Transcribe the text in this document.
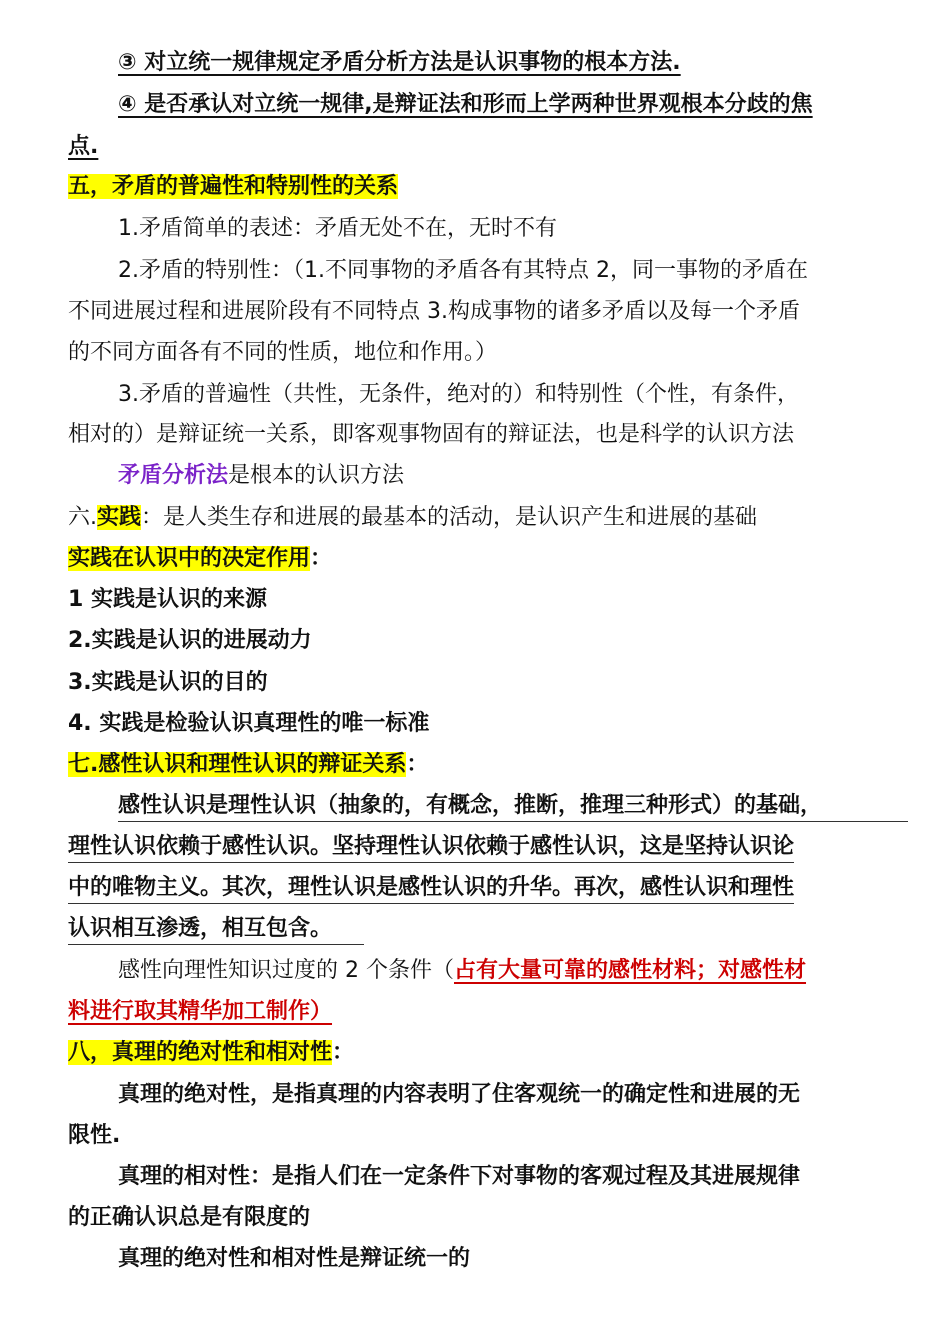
③ 对立统一规律规定矛盾分析方法是认识事物的根本方法.
④ 是否承认对立统一规律,是辩证法和形而上学两种世界观根本分歧的焦
点.
五，矛盾的普遍性和特别性的关系
1.矛盾简单的表述：矛盾无处不在，无时不有
2.矛盾的特别性：（1.不同事物的矛盾各有其特点 2，同一事物的矛盾在
不同进展过程和进展阶段有不同特点 3.构成事物的诸多矛盾以及每一个矛盾
的不同方面各有不同的性质，地位和作用。）
3.矛盾的普遍性（共性，无条件，绝对的）和特别性（个性，有条件，
相对的）是辩证统一关系，即客观事物固有的辩证法，也是科学的认识方法
矛盾分析法是根本的认识方法
六.实践：是人类生存和进展的最基本的活动，是认识产生和进展的基础
实践在认识中的决定作用：
1 实践是认识的来源
2.实践是认识的进展动力
3.实践是认识的目的
4. 实践是检验认识真理性的唯一标准
七.感性认识和理性认识的辩证关系：
感性认识是理性认识（抽象的，有概念，推断，推理三种形式）的基础，
理性认识依赖于感性认识。坚持理性认识依赖于感性认识，这是坚持认识论
中的唯物主义。其次，理性认识是感性认识的升华。再次，感性认识和理性
认识相互渗透，相互包含。
感性向理性知识过度的 2 个条件（占有大量可靠的感性材料；对感性材
料进行取其精华加工制作）
八，真理的绝对性和相对性：
真理的绝对性，是指真理的内容表明了住客观统一的确定性和进展的无
限性.
真理的相对性：是指人们在一定条件下对事物的客观过程及其进展规律
的正确认识总是有限度的
真理的绝对性和相对性是辩证统一的
